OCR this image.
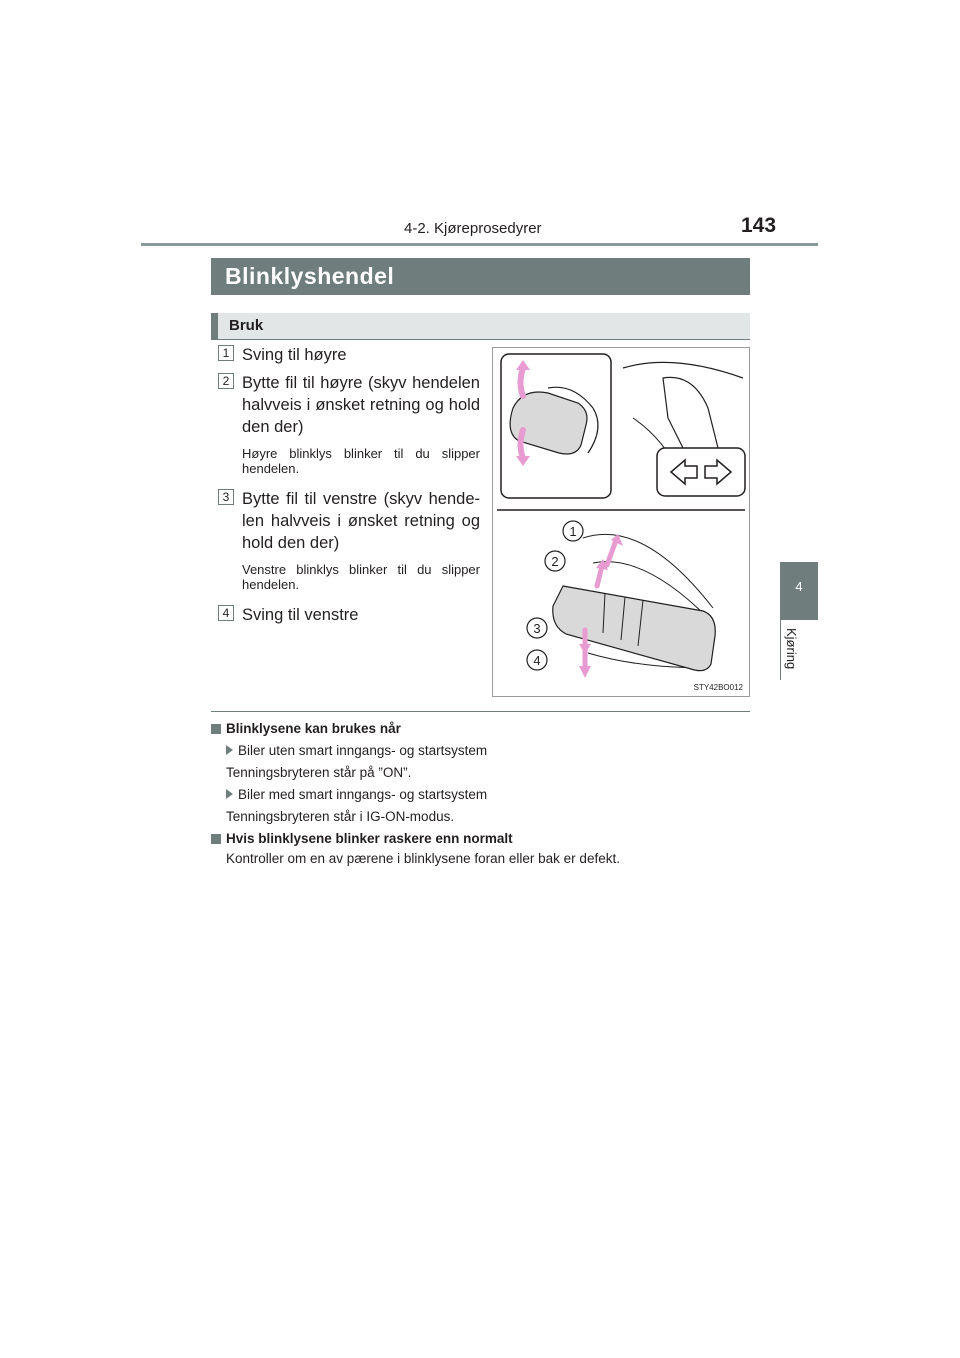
4-2. Kjøreprosedyrer	143
Blinklyshendel
Bruk
1 Sving til høyre
2 Bytte fil til høyre (skyv hendelen halvveis i ønsket retning og hold den der)
Høyre blinklys blinker til du slipper hendelen.
3 Bytte fil til venstre (skyv hende-len halvveis i ønsket retning og hold den der)
Venstre blinklys blinker til du slipper hendelen.
4 Sving til venstre
1
2
3
4
STY42BO012
Blinklysene kan brukes når
Biler uten smart inngangs- og startsystem
Tenningsbryteren står på ”ON”.
Biler med smart inngangs- og startsystem
Tenningsbryteren står i IG-ON-modus.
Hvis blinklysene blinker raskere enn normalt
Kontroller om en av pærene i blinklysene foran eller bak er defekt.
4
Kjøring
